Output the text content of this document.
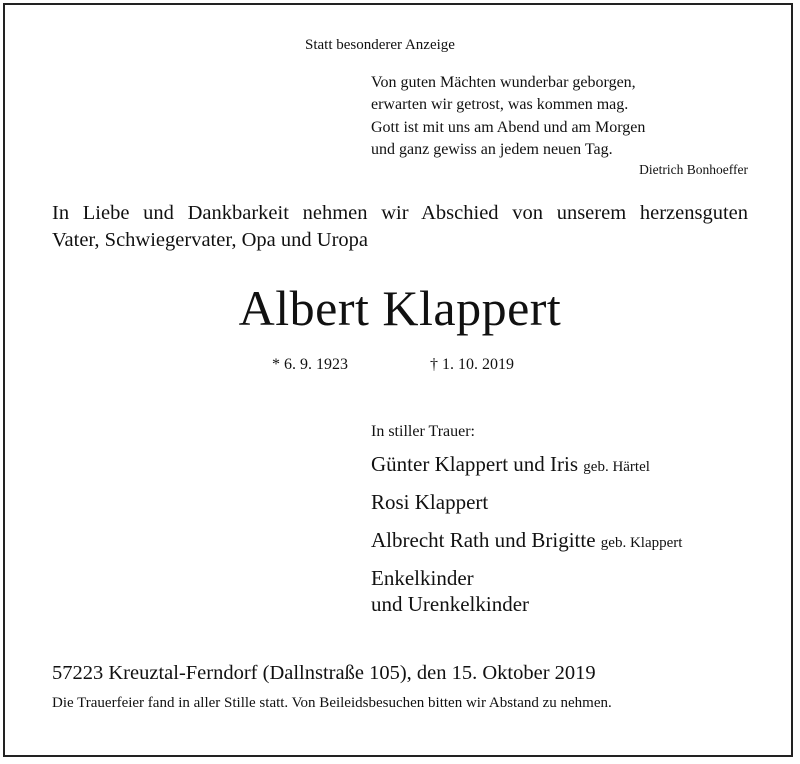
Statt besonderer Anzeige
Von guten Mächten wunderbar geborgen,
erwarten wir getrost, was kommen mag.
Gott ist mit uns am Abend und am Morgen
und ganz gewiss an jedem neuen Tag.
Dietrich Bonhoeffer
In Liebe und Dankbarkeit nehmen wir Abschied von unserem herzensguten
Vater, Schwiegervater, Opa und Uropa
Albert Klappert
* 6. 9. 1923	† 1. 10. 2019
In stiller Trauer:
Günter Klappert und Iris geb. Härtel
Rosi Klappert
Albrecht Rath und Brigitte geb. Klappert
Enkelkinder
und Urenkelkinder
57223 Kreuztal-Ferndorf (Dallnstraße 105), den 15. Oktober 2019
Die Trauerfeier fand in aller Stille statt. Von Beileidsbesuchen bitten wir Abstand zu nehmen.
